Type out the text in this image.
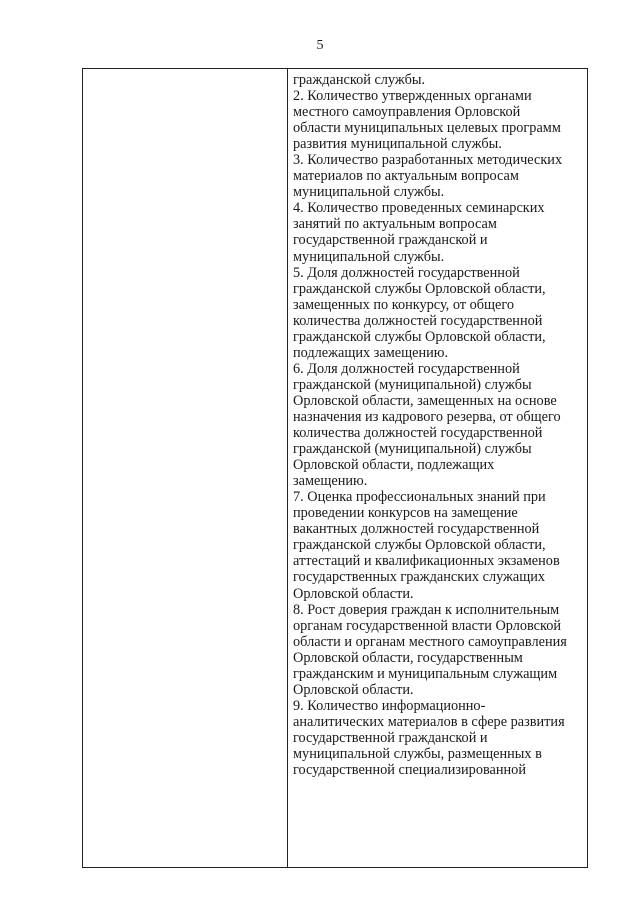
5

гражданской службы.

2. Количество утвержденных органами
местного самоуправления Орловской
области муниципальных целевых программ
развития муниципальной службы.

3. Количество разработанных методических
материалов по актуальным вопросам
муниципальной службы.

4. Количество проведенных семинарских
занятий по актуальным вопросам
государственной гражданской и
муниципальной службы.

5. Доля должностей государственной
гражданской службы Орловской области,
замещенных по конкурсу, от общего
количества должностей государственной
гражданской службы Орловской области,
подлежащих замещению.

6. Доля должностей государственной
гражданской (муниципальной) службы
Орловской области, замещенных на основе
назначения из кадрового резерва, от общего
количества должностей государственной
гражданской (муниципальной) службы
Орловской области, подлежащих
замещению.

7. Оценка профессиональных знаний при
проведении конкурсов на замещение
вакантных должностей государственной
гражданской службы Орловской области,
аттестаций и квалификационных экзаменов
государственных гражданских служащих
Орловской области.

8. Рост доверия граждан к исполнительным
органам государственной власти Орловской
области и органам местного самоуправления
Орловской области, государственным
гражданским и муниципальным служащим
Орловской области.

9. Количество информационно-
аналитических материалов в сфере развития
государственной гражданской и
муниципальной службы, размещенных в
государственной специализированной
